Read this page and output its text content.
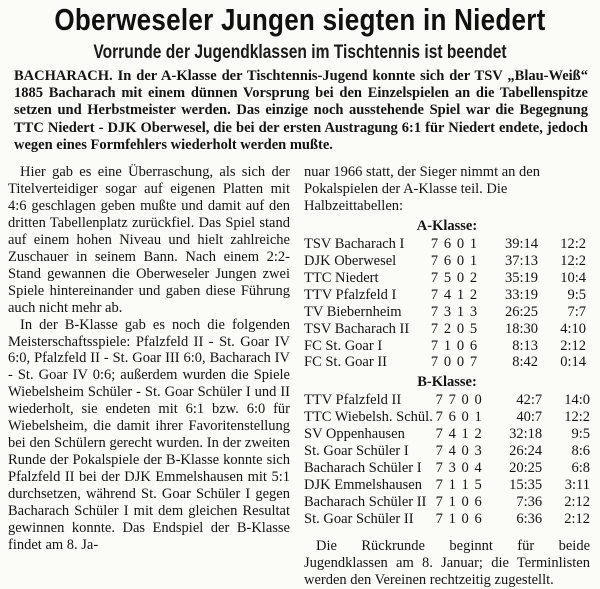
Oberweseler Jungen siegten in Niedert
Vorrunde der Jugendklassen im Tischtennis ist beendet

BACHARACH. In der A-Klasse der Tischtennis-Jugend konnte sich der TSV „Blau-Weiß“ 1885 Bacharach mit einem dünnen Vorsprung bei den Einzelspielen an die Tabellenspitze setzen und Herbstmeister werden. Das einzige noch ausstehende Spiel war die Begegnung TTC Niedert - DJK Oberwesel, die bei der ersten Austragung 6:1 für Niedert endete, jedoch wegen eines Formfehlers wiederholt werden mußte.

Hier gab es eine Überraschung, als sich der Titelverteidiger sogar auf eigenen Platten mit 4:6 geschlagen geben mußte und damit auf den dritten Tabellenplatz zurückfiel. Das Spiel stand auf einem hohen Niveau und hielt zahlreiche Zuschauer in seinem Bann. Nach einem 2:2-Stand gewannen die Oberweseler Jungen zwei Spiele hintereinander und gaben diese Führung auch nicht mehr ab.

In der B-Klasse gab es noch die folgenden Meisterschaftsspiele: Pfalzfeld II - St. Goar IV 6:0, Pfalzfeld II - St. Goar III 6:0, Bacharach IV - St. Goar IV 0:6; außerdem wurden die Spiele Wiebelsheim Schüler - St. Goar Schüler I und II wiederholt, sie endeten mit 6:1 bzw. 6:0 für Wiebelsheim, die damit ihrer Favoritenstellung bei den Schülern gerecht wurden. In der zweiten Runde der Pokalspiele der B-Klasse konnte sich Pfalzfeld II bei der DJK Emmelshausen mit 5:1 durchsetzen, während St. Goar Schüler I gegen Bacharach Schüler I mit dem gleichen Resultat gewinnen konnte. Das Endspiel der B-Klasse findet am 8. Ja-

nuar 1966 statt, der Sieger nimmt an den Pokalspielen der A-Klasse teil. Die Halbzeittabellen:

A-Klasse:
TSV Bacharach I	7	6	0	1	39:14	12:2
DJK Oberwesel	7	6	0	1	37:13	12:2
TTC Niedert	7	5	0	2	35:19	10:4
TTV Pfalzfeld I	7	4	1	2	33:19	9:5
TV Biebernheim	7	3	1	3	26:25	7:7
TSV Bacharach II	7	2	0	5	18:30	4:10
FC St. Goar I	7	1	0	6	8:13	2:12
FC St. Goar II	7	0	0	7	8:42	0:14
B-Klasse:
TTV Pfalzfeld II	7	7	0	0	42:7	14:0
TTC Wiebelsh. Schül.	7	6	0	1	40:7	12:2
SV Oppenhausen	7	4	1	2	32:18	9:5
St. Goar Schüler I	7	4	0	3	26:24	8:6
Bacharach Schüler I	7	3	0	4	20:25	6:8
DJK Emmelshausen	7	1	1	5	15:35	3:11
Bacharach Schüler II	7	1	0	6	7:36	2:12
St. Goar Schüler II	7	1	0	6	6:36	2:12

Die Rückrunde beginnt für beide Jugendklassen am 8. Januar; die Terminlisten werden den Vereinen rechtzeitig zugestellt.
